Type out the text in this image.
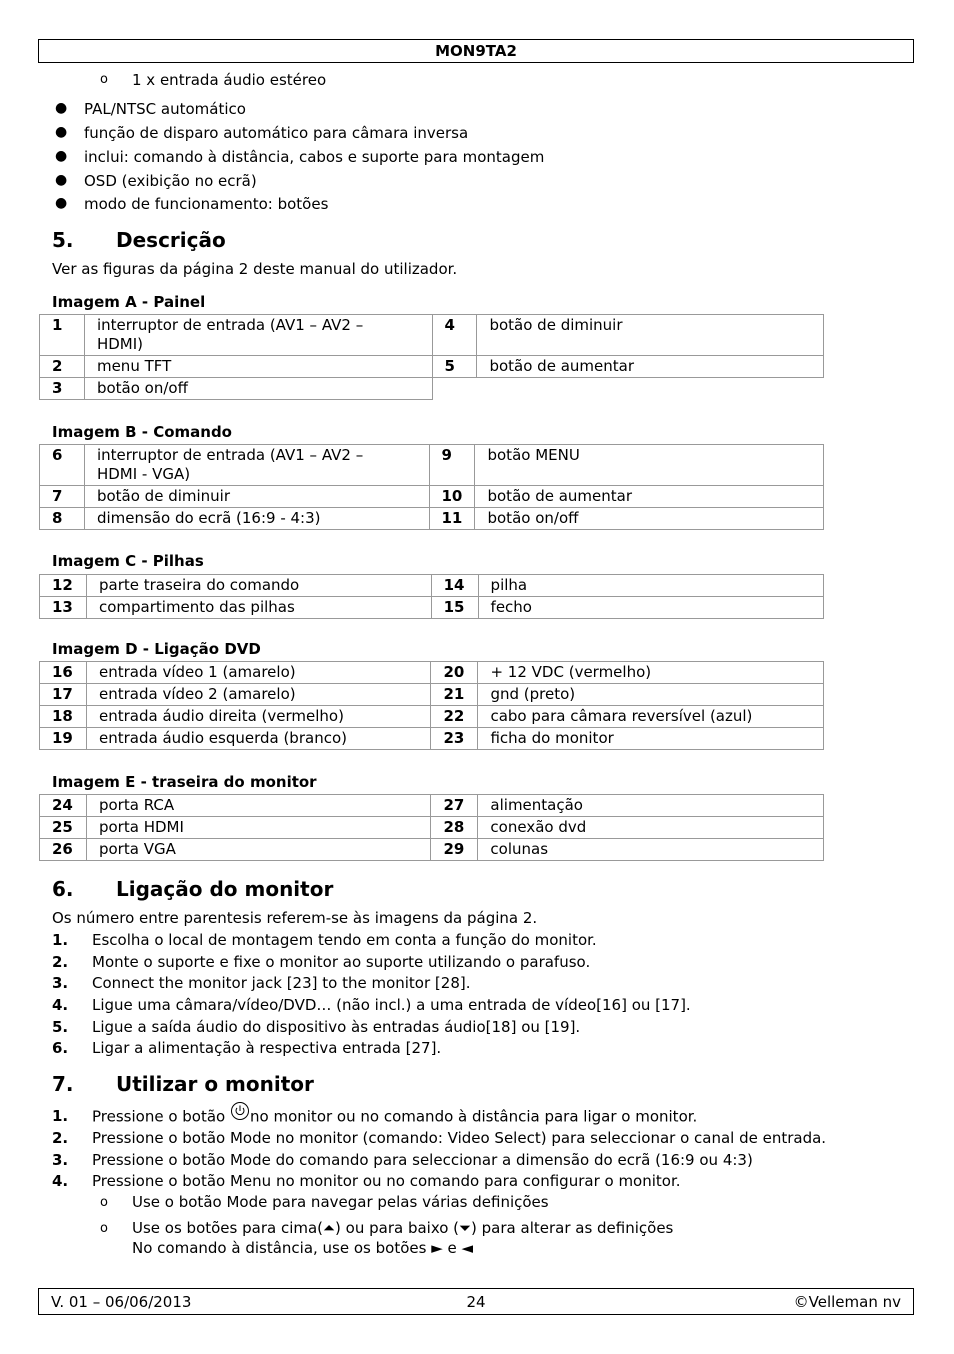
MON9TA2
o 1 x entrada áudio estéreo
● PAL/NTSC automático
● função de disparo automático para câmara inversa
● inclui: comando à distância, cabos e suporte para montagem
● OSD (exibição no ecrã)
● modo de funcionamento: botões
5. Descrição
Ver as figuras da página 2 deste manual do utilizador.
Imagem A - Painel
1	interruptor de entrada (AV1 – AV2 –
HDMI)	4	botão de diminuir
2	menu TFT	5	botão de aumentar
3	botão on/off		
Imagem B - Comando
6	interruptor de entrada (AV1 – AV2 –
HDMI - VGA)	9	botão MENU
7	botão de diminuir	10	botão de aumentar
8	dimensão do ecrã (16:9 - 4:3)	11	botão on/off
Imagem C - Pilhas
12	parte traseira do comando	14	pilha
13	compartimento das pilhas	15	fecho
Imagem D - Ligação DVD
16	entrada vídeo 1 (amarelo)	20	+ 12 VDC (vermelho)
17	entrada vídeo 2 (amarelo)	21	gnd (preto)
18	entrada áudio direita (vermelho)	22	cabo para câmara reversível (azul)
19	entrada áudio esquerda (branco)	23	ficha do monitor
Imagem E - traseira do monitor
24	porta RCA	27	alimentação
25	porta HDMI	28	conexão dvd
26	porta VGA	29	colunas
6. Ligação do monitor
Os número entre parentesis referem-se às imagens da página 2.
1. Escolha o local de montagem tendo em conta a função do monitor.
2. Monte o suporte e fixe o monitor ao suporte utilizando o parafuso.
3. Connect the monitor jack [23] to the monitor [28].
4. Ligue uma câmara/vídeo/DVD… (não incl.) a uma entrada de vídeo[16] ou [17].
5. Ligue a saída áudio do dispositivo às entradas áudio[18] ou [19].
6. Ligar a alimentação à respectiva entrada [27].
7. Utilizar o monitor
1. Pressione o botão no monitor ou no comando à distância para ligar o monitor.
2. Pressione o botão Mode no monitor (comando: Video Select) para seleccionar o canal de entrada.
3. Pressione o botão Mode do comando para seleccionar a dimensão do ecrã (16:9 ou 4:3)
4. Pressione o botão Menu no monitor ou no comando para configurar o monitor.
o Use o botão Mode para navegar pelas várias definições
o Use os botões para cima(⏶) ou para baixo (⏷) para alterar as definições
No comando à distância, use os botões ► e ◄
V. 01 – 06/06/2013	24	©Velleman nv
